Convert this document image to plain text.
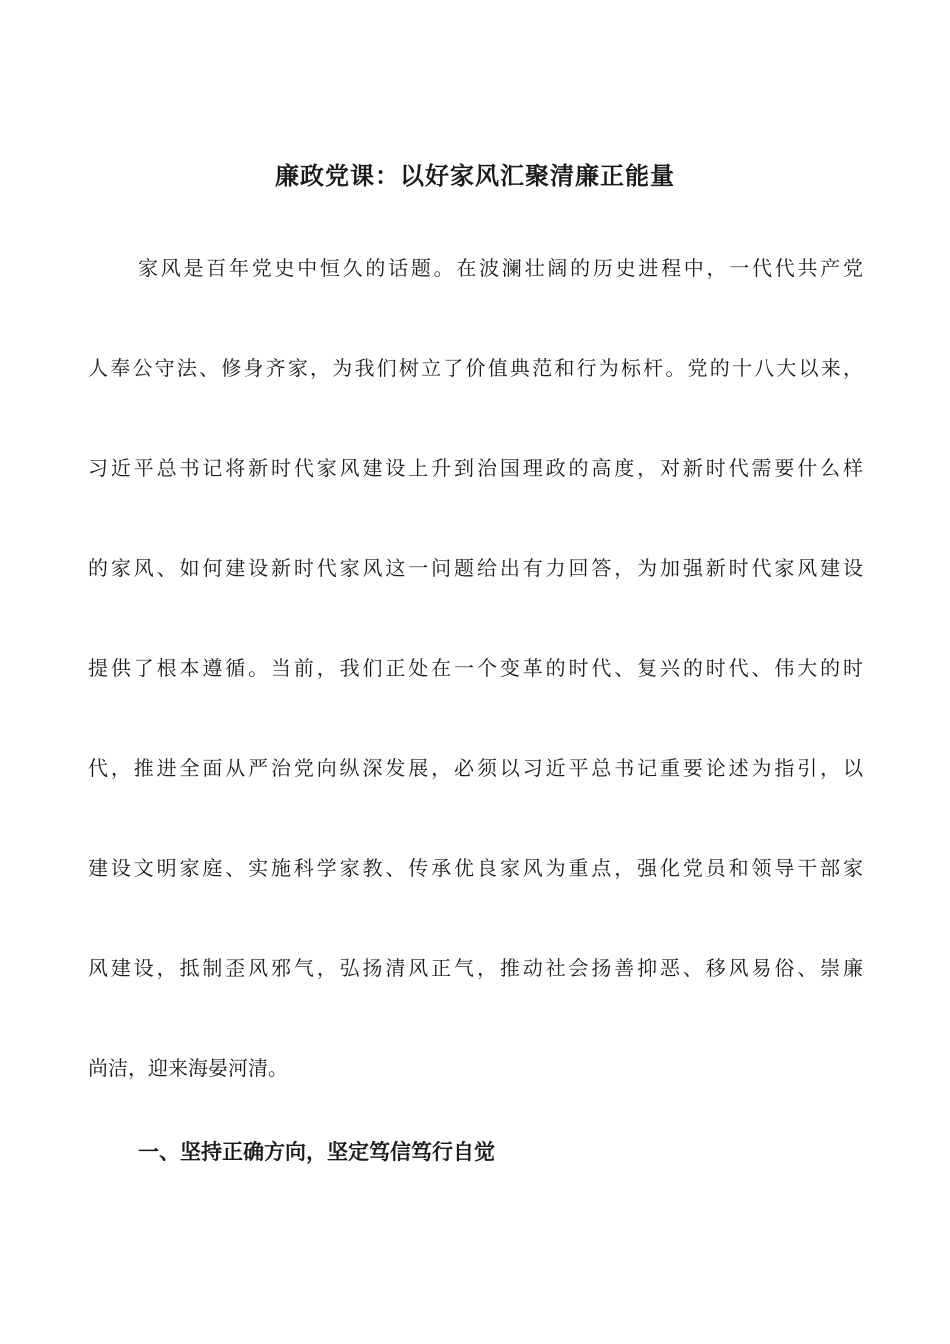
廉政党课：以好家风汇聚清廉正能量
家风是百年党史中恒久的话题。在波澜壮阔的历史进程中，一代代共产党
人奉公守法、修身齐家，为我们树立了价值典范和行为标杆。党的十八大以来，
习近平总书记将新时代家风建设上升到治国理政的高度，对新时代需要什么样
的家风、如何建设新时代家风这一问题给出有力回答，为加强新时代家风建设
提供了根本遵循。当前，我们正处在一个变革的时代、复兴的时代、伟大的时
代，推进全面从严治党向纵深发展，必须以习近平总书记重要论述为指引，以
建设文明家庭、实施科学家教、传承优良家风为重点，强化党员和领导干部家
风建设，抵制歪风邪气，弘扬清风正气，推动社会扬善抑恶、移风易俗、崇廉
尚洁，迎来海晏河清。
一、坚持正确方向，坚定笃信笃行自觉
